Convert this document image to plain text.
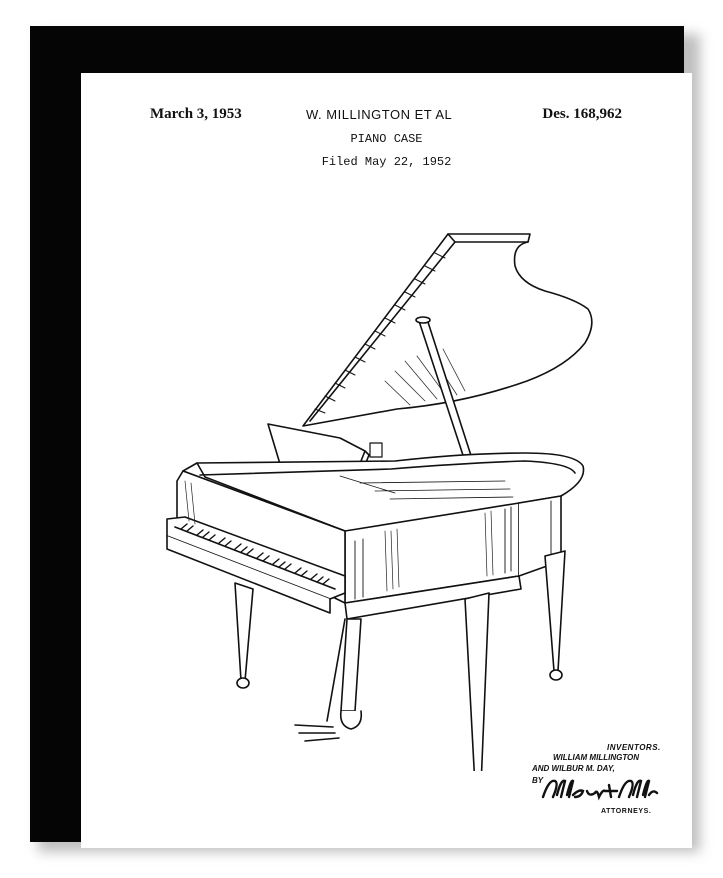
March 3, 1953	W. MILLINGTON ET AL	Des. 168,962
PIANO CASE
Filed May 22, 1952
INVENTORS.
WILLIAM MILLINGTON
AND WILBUR M. DAY,
BY
ATTORNEYS.
